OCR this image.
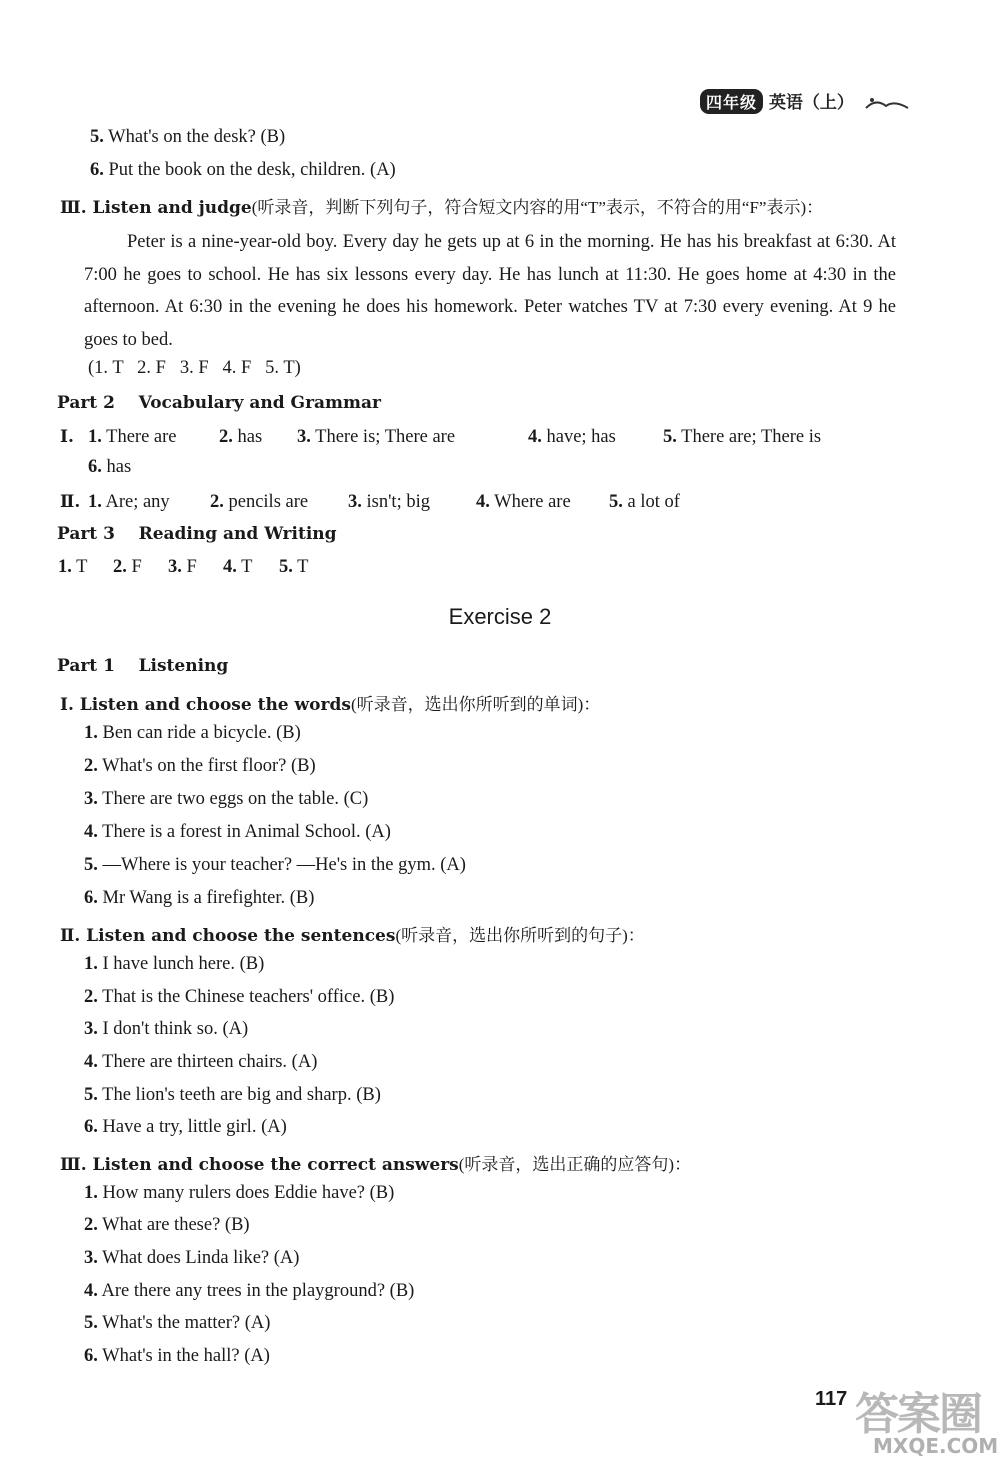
四年级 英语（上）
5. What's on the desk? (B)
6. Put the book on the desk, children. (A)
Ⅲ. Listen and judge(听录音，判断下列句子，符合短文内容的用“T”表示，不符合的用“F”表示)：
Peter is a nine-year-old boy. Every day he gets up at 6 in the morning. He has his breakfast at 6:30. At 7:00 he goes to school. He has six lessons every day. He has lunch at 11:30. He goes home at 4:30 in the afternoon. At 6:30 in the evening he does his homework. Peter watches TV at 7:30 every evening. At 9 he goes to bed.
(1. T   2. F   3. F   4. F   5. T)
Part 2    Vocabulary and Grammar
Ⅰ. 1. There are 2. has 3. There is; There are	4. have; has	5. There are; There is
6. has
Ⅱ. 1. Are; any 2. pencils are 3. isn't; big 4. Where are 5. a lot of
Part 3    Reading and Writing
1. T 2. F 3. F 4. T 5. T
Exercise 2
Part 1    Listening
Ⅰ. Listen and choose the words(听录音，选出你所听到的单词)：
1. Ben can ride a bicycle. (B)
2. What's on the first floor? (B)
3. There are two eggs on the table. (C)
4. There is a forest in Animal School. (A)
5. —Where is your teacher? —He's in the gym. (A)
6. Mr Wang is a firefighter. (B)
Ⅱ. Listen and choose the sentences(听录音，选出你所听到的句子)：
1. I have lunch here. (B)
2. That is the Chinese teachers' office. (B)
3. I don't think so. (A)
4. There are thirteen chairs. (A)
5. The lion's teeth are big and sharp. (B)
6. Have a try, little girl. (A)
Ⅲ. Listen and choose the correct answers(听录音，选出正确的应答句)：
1. How many rulers does Eddie have? (B)
2. What are these? (B)
3. What does Linda like? (A)
4. Are there any trees in the playground? (B)
5. What's the matter? (A)
6. What's in the hall? (A)
117 答案圈
MXQE.COM
